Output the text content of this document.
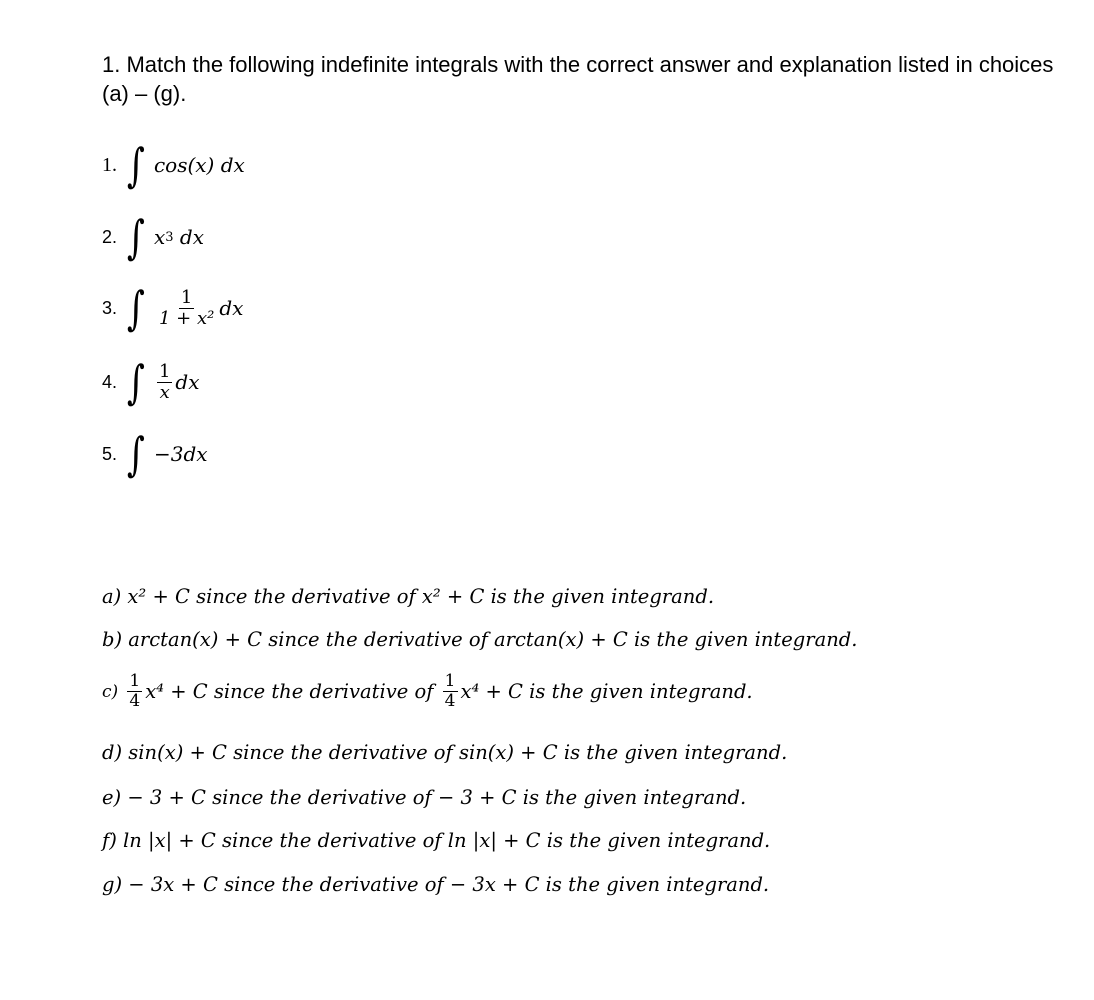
1. Match the following indefinite integrals with the correct answer and explanation listed in choices (a) – (g).
1. ∫ cos(x) dx
2. ∫ x 3
dx
3. ∫ $\frac{1}{\text{1 + x²}}$ dx
4. ∫ $\frac{1}{x}$ dx
5. ∫ −3dx
a) x² + C since the derivative of x² + C is the given integrand.
b) arctan(x) + C since the derivative of arctan(x) + C is the given integrand.
c)
$\frac{1}{4} x^4 + C$ since the derivative of
$\frac{1}{4} x^4 + C$ is the given integrand.
d) sin(x) + C since the derivative of sin(x) + C is the given integrand.
e) − 3 + C since the derivative of − 3 + C is the given integrand.
f) ln |x| + C since the derivative of ln |x| + C is the given integrand.
g) − 3x + C since the derivative of − 3x + C is the given integrand.
